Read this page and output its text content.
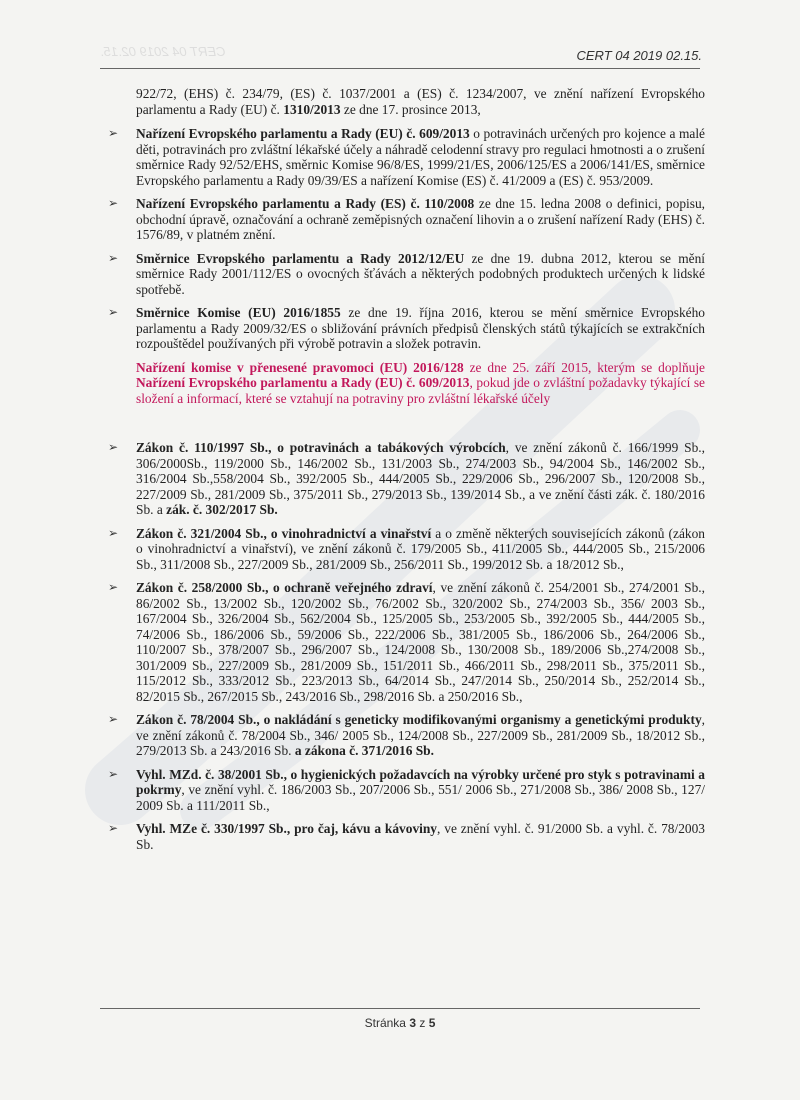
CERT 04 2019 02.15.	CERT 04 2019 02.15.

922/72, (EHS) č. 234/79, (ES) č. 1037/2001 a (ES) č. 1234/2007, ve znění nařízení Evropského parlamentu a Rady (EU) č. 1310/2013 ze dne 17. prosince 2013,

➢ Nařízení Evropského parlamentu a Rady (EU) č. 609/2013 o potravinách určených pro kojence a malé děti, potravinách pro zvláštní lékařské účely a náhradě celodenní stravy pro regulaci hmotnosti a o zrušení směrnice Rady 92/52/EHS, směrnic Komise 96/8/ES, 1999/21/ES, 2006/125/ES a 2006/141/ES, směrnice Evropského parlamentu a Rady 09/39/ES a nařízení Komise (ES) č. 41/2009 a (ES) č. 953/2009.
➢ Nařízení Evropského parlamentu a Rady (ES) č. 110/2008 ze dne 15. ledna 2008 o definici, popisu, obchodní úpravě, označování a ochraně zeměpisných označení lihovin a o zrušení nařízení Rady (EHS) č. 1576/89, v platném znění.
➢ Směrnice Evropského parlamentu a Rady 2012/12/EU ze dne 19. dubna 2012, kterou se mění směrnice Rady 2001/112/ES o ovocných šťávách a některých podobných produktech určených k lidské spotřebě.
➢ Směrnice Komise (EU) 2016/1855 ze dne 19. října 2016, kterou se mění směrnice Evropského parlamentu a Rady 2009/32/ES o sbližování právních předpisů členských států týkajících se extrakčních rozpouštědel používaných při výrobě potravin a složek potravin.
Nařízení komise v přenesené pravomoci (EU) 2016/128 ze dne 25. září 2015, kterým se doplňuje Nařízení Evropského parlamentu a Rady (EU) č. 609/2013, pokud jde o zvláštní požadavky týkající se složení a informací, které se vztahují na potraviny pro zvláštní lékařské účely
➢ Zákon č. 110/1997 Sb., o potravinách a tabákových výrobcích, ve znění zákonů č. 166/1999 Sb., 306/2000Sb., 119/2000 Sb., 146/2002 Sb., 131/2003 Sb., 274/2003 Sb., 94/2004 Sb., 146/2002 Sb., 316/2004 Sb.,558/2004 Sb., 392/2005 Sb., 444/2005 Sb., 229/2006 Sb., 296/2007 Sb., 120/2008 Sb., 227/2009 Sb., 281/2009 Sb., 375/2011 Sb., 279/2013 Sb., 139/2014 Sb., a ve znění části zák. č. 180/2016 Sb. a zák. č. 302/2017 Sb.
➢ Zákon č. 321/2004 Sb., o vinohradnictví a vinařství a o změně některých souvisejících zákonů (zákon o vinohradnictví a vinařství), ve znění zákonů č. 179/2005 Sb., 411/2005 Sb., 444/2005 Sb., 215/2006 Sb., 311/2008 Sb., 227/2009 Sb., 281/2009 Sb., 256/2011 Sb., 199/2012 Sb. a 18/2012 Sb.,
➢ Zákon č. 258/2000 Sb., o ochraně veřejného zdraví, ve znění zákonů č. 254/2001 Sb., 274/2001 Sb., 86/2002 Sb., 13/2002 Sb., 120/2002 Sb., 76/2002 Sb., 320/2002 Sb., 274/2003 Sb., 356/ 2003 Sb., 167/2004 Sb., 326/2004 Sb., 562/2004 Sb., 125/2005 Sb., 253/2005 Sb., 392/2005 Sb., 444/2005 Sb., 74/2006 Sb., 186/2006 Sb., 59/2006 Sb., 222/2006 Sb., 381/2005 Sb., 186/2006 Sb., 264/2006 Sb., 110/2007 Sb., 378/2007 Sb., 296/2007 Sb., 124/2008 Sb., 130/2008 Sb., 189/2006 Sb.,274/2008 Sb., 301/2009 Sb., 227/2009 Sb., 281/2009 Sb., 151/2011 Sb., 466/2011 Sb., 298/2011 Sb., 375/2011 Sb., 115/2012 Sb., 333/2012 Sb., 223/2013 Sb., 64/2014 Sb., 247/2014 Sb., 250/2014 Sb., 252/2014 Sb., 82/2015 Sb., 267/2015 Sb., 243/2016 Sb., 298/2016 Sb. a 250/2016 Sb.,
➢ Zákon č. 78/2004 Sb., o nakládání s geneticky modifikovanými organismy a genetickými produkty, ve znění zákonů č. 78/2004 Sb., 346/ 2005 Sb., 124/2008 Sb., 227/2009 Sb., 281/2009 Sb., 18/2012 Sb., 279/2013 Sb. a 243/2016 Sb. a zákona č. 371/2016 Sb.
➢ Vyhl. MZd. č. 38/2001 Sb., o hygienických požadavcích na výrobky určené pro styk s potravinami a pokrmy, ve znění vyhl. č. 186/2003 Sb., 207/2006 Sb., 551/ 2006 Sb., 271/2008 Sb., 386/ 2008 Sb., 127/ 2009 Sb. a 111/2011 Sb.,
➢ Vyhl. MZe č. 330/1997 Sb., pro čaj, kávu a kávoviny, ve znění vyhl. č. 91/2000 Sb. a vyhl. č. 78/2003 Sb.
Stránka 3 z 5
